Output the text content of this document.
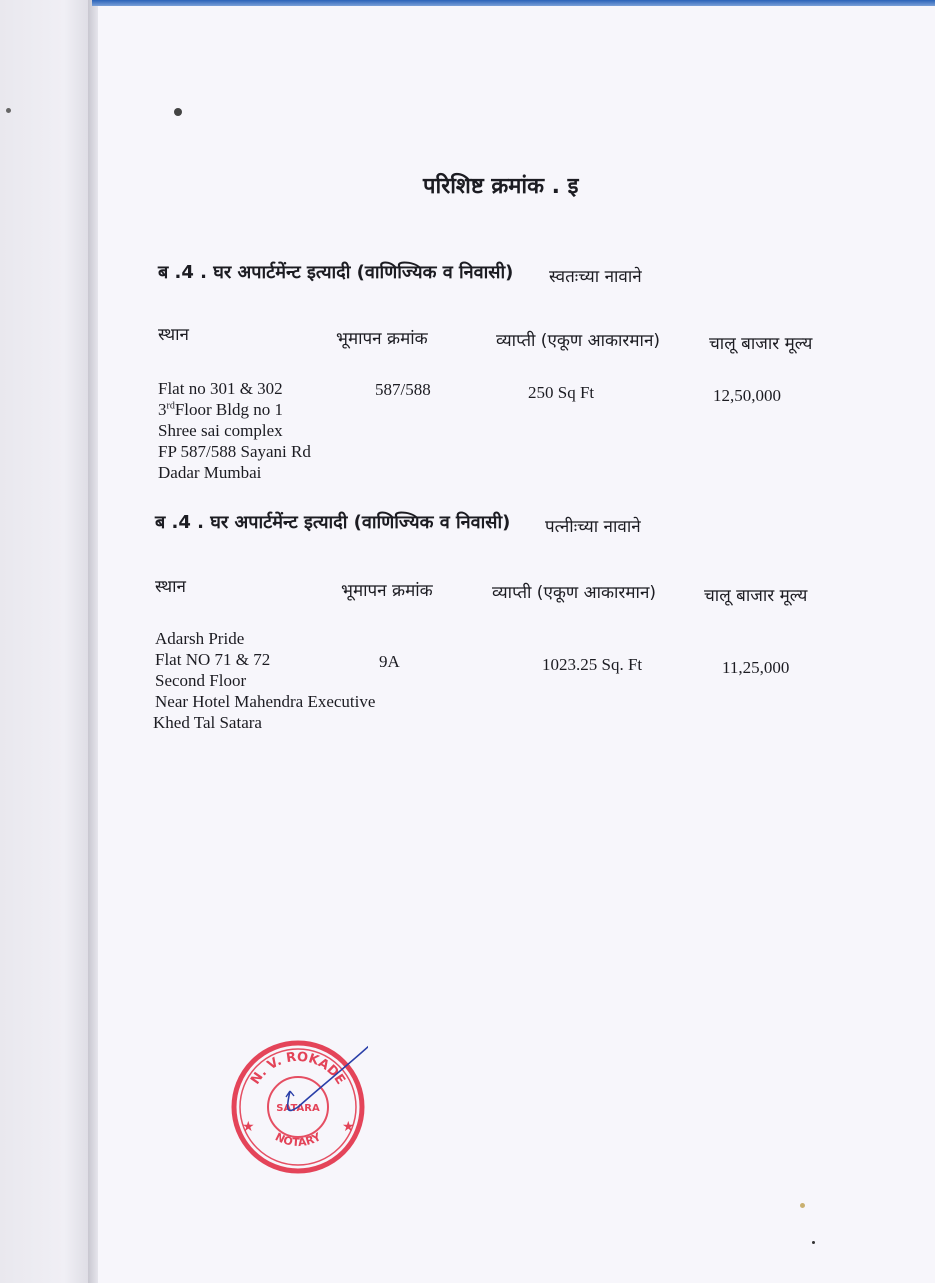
परिशिष्ट क्रमांक . इ
ब .4 . घर अपार्टमेंन्ट इत्यादी (वाणिज्यिक व निवासी) स्वतःच्या नावाने
स्थान	भूमापन क्रमांक	व्याप्ती (एकूण आकारमान)	चालू बाजार मूल्य
Flat no 301 & 302
3rdFloor Bldg no 1
Shree sai complex
FP 587/588 Sayani Rd
Dadar Mumbai
587/588	250 Sq Ft	12,50,000
ब .4 . घर अपार्टमेंन्ट इत्यादी (वाणिज्यिक व निवासी) पत्नीःच्या नावाने
स्थान	भूमापन क्रमांक	व्याप्ती (एकूण आकारमान)	चालू बाजार मूल्य
Adarsh Pride
Flat NO 71 & 72
Second Floor
Near Hotel Mahendra Executive
Khed Tal Satara
9A	1023.25 Sq. Ft	11,25,000
N. V. ROKADE
SATARA
NOTARY
★	★
